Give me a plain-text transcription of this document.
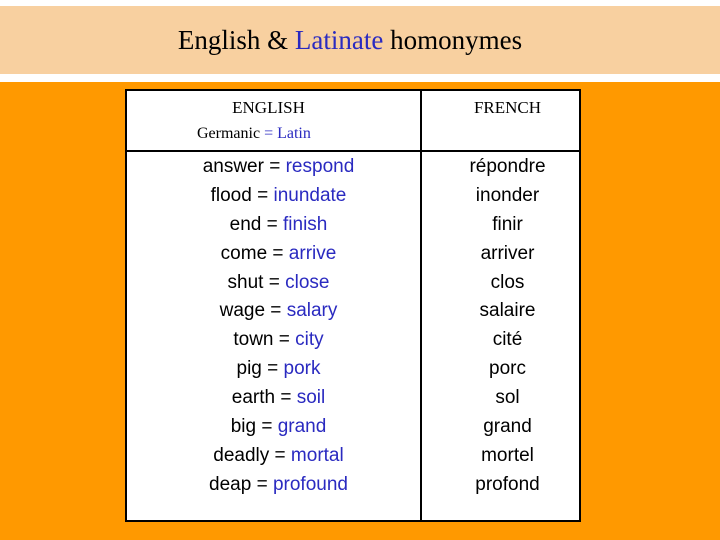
English & Latinate homonymes
ENGLISH
Germanic = Latin
FRENCH
answer = respond
flood = inundate
end = finish
come = arrive
shut = close
wage = salary
town = city
pig = pork
earth = soil
big = grand
deadly = mortal
deap = profound
répondre
inonder
finir
arriver
clos
salaire
cité
porc
sol
grand
mortel
profond
